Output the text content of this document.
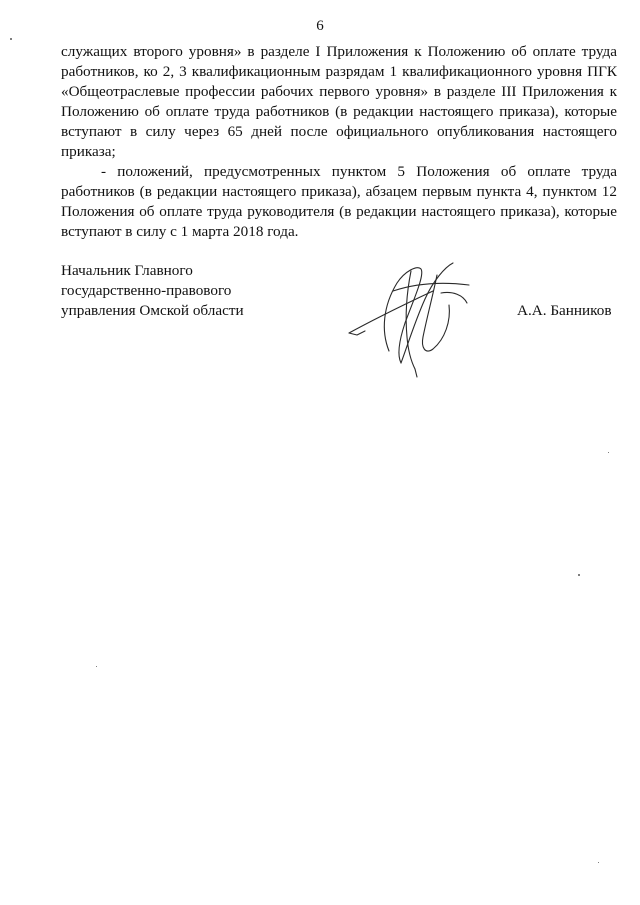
6

служащих второго уровня» в разделе I Приложения к Положению об оплате труда работников, ко 2, 3 квалификационным разрядам 1 квалификационного уровня ПГК «Общеотраслевые профессии рабочих первого уровня» в разделе III Приложения к Положению об оплате труда работников (в редакции настоящего приказа), которые вступают в силу через 65 дней после официального опубликования настоящего приказа;

- положений, предусмотренных пунктом 5 Положения об оплате труда работников (в редакции настоящего приказа), абзацем первым пункта 4, пунктом 12 Положения об оплате труда руководителя (в редакции настоящего приказа), которые вступают в силу с 1 марта 2018 года.

Начальник Главного
государственно-правового
управления Омской области	А.А. Банников
